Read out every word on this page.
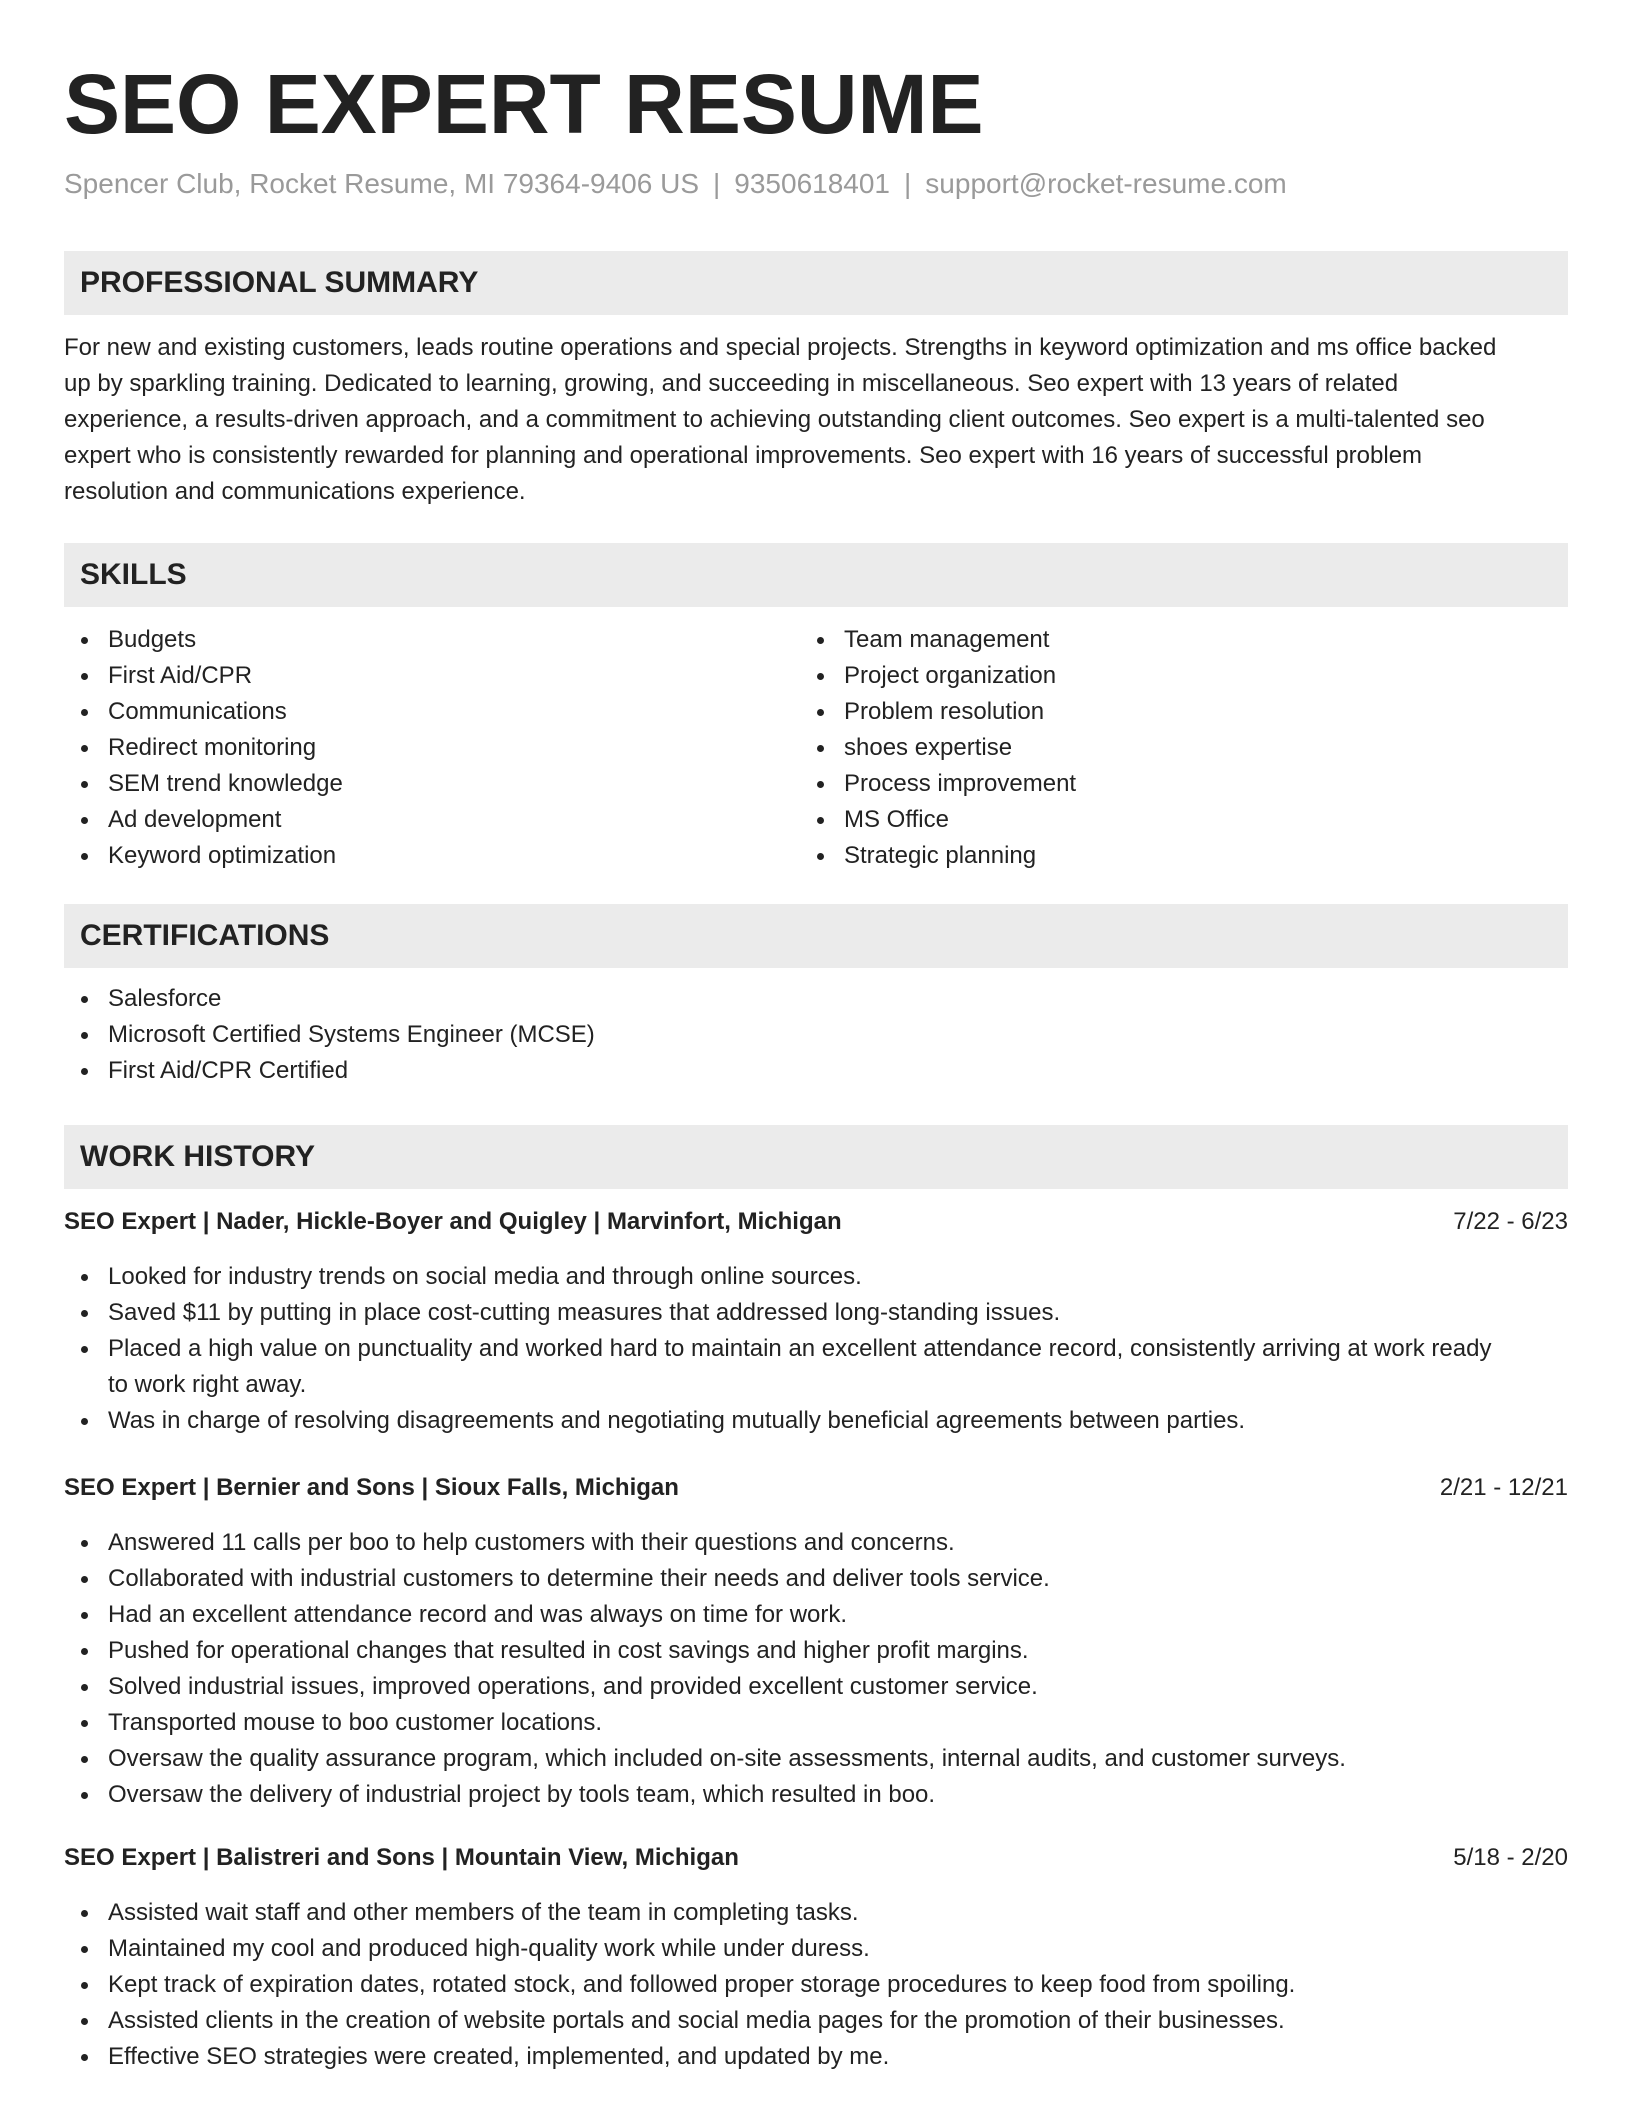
SEO EXPERT RESUME
Spencer Club, Rocket Resume, MI 79364-9406 US | 9350618401 | support@rocket-resume.com
PROFESSIONAL SUMMARY
For new and existing customers, leads routine operations and special projects. Strengths in keyword optimization and ms office backed
up by sparkling training. Dedicated to learning, growing, and succeeding in miscellaneous. Seo expert with 13 years of related
experience, a results-driven approach, and a commitment to achieving outstanding client outcomes. Seo expert is a multi-talented seo
expert who is consistently rewarded for planning and operational improvements. Seo expert with 16 years of successful problem
resolution and communications experience.
SKILLS
Budgets
First Aid/CPR
Communications
Redirect monitoring
SEM trend knowledge
Ad development
Keyword optimization
Team management
Project organization
Problem resolution
shoes expertise
Process improvement
MS Office
Strategic planning
CERTIFICATIONS
Salesforce
Microsoft Certified Systems Engineer (MCSE)
First Aid/CPR Certified
WORK HISTORY
SEO Expert | Nader, Hickle-Boyer and Quigley | Marvinfort, Michigan	7/22 - 6/23
Looked for industry trends on social media and through online sources.
Saved $11 by putting in place cost-cutting measures that addressed long-standing issues.
Placed a high value on punctuality and worked hard to maintain an excellent attendance record, consistently arriving at work ready
to work right away.
Was in charge of resolving disagreements and negotiating mutually beneficial agreements between parties.
SEO Expert | Bernier and Sons | Sioux Falls, Michigan	2/21 - 12/21
Answered 11 calls per boo to help customers with their questions and concerns.
Collaborated with industrial customers to determine their needs and deliver tools service.
Had an excellent attendance record and was always on time for work.
Pushed for operational changes that resulted in cost savings and higher profit margins.
Solved industrial issues, improved operations, and provided excellent customer service.
Transported mouse to boo customer locations.
Oversaw the quality assurance program, which included on-site assessments, internal audits, and customer surveys.
Oversaw the delivery of industrial project by tools team, which resulted in boo.
SEO Expert | Balistreri and Sons | Mountain View, Michigan	5/18 - 2/20
Assisted wait staff and other members of the team in completing tasks.
Maintained my cool and produced high-quality work while under duress.
Kept track of expiration dates, rotated stock, and followed proper storage procedures to keep food from spoiling.
Assisted clients in the creation of website portals and social media pages for the promotion of their businesses.
Effective SEO strategies were created, implemented, and updated by me.
